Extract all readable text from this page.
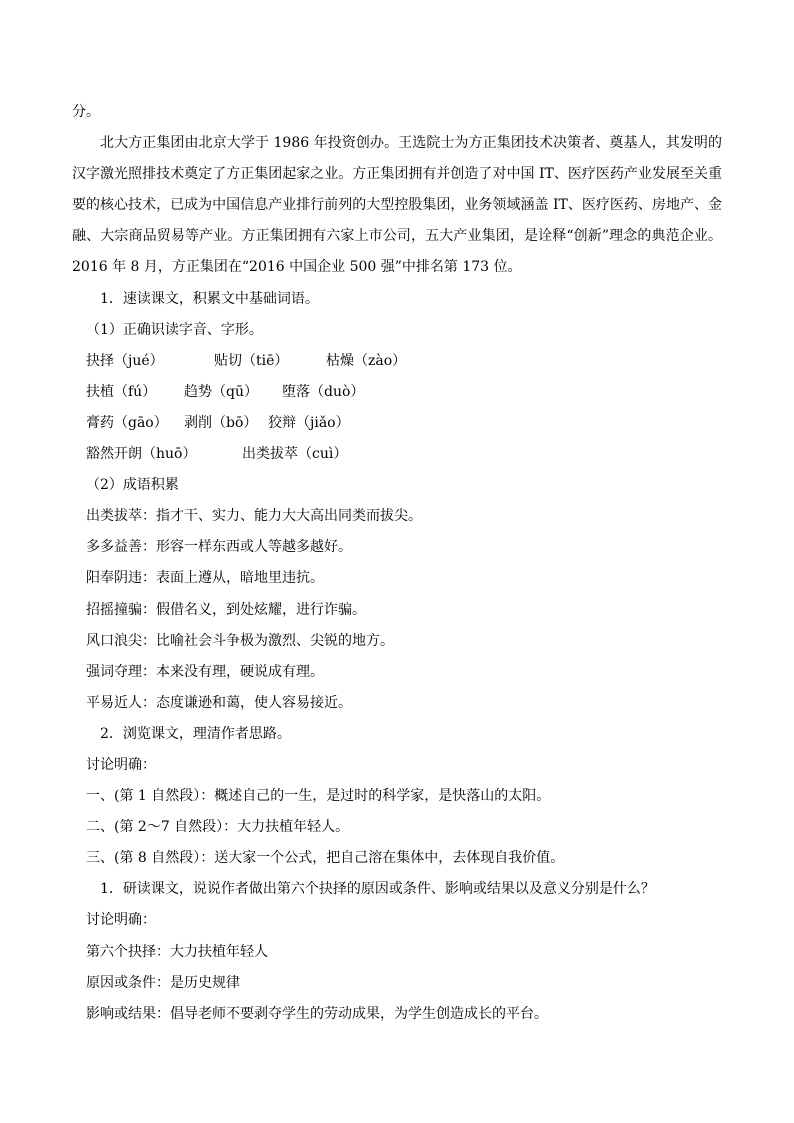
分。
北大方正集团由北京大学于 1986 年投资创办。王选院士为方正集团技术决策者、奠基人，其发明的汉字激光照排技术奠定了方正集团起家之业。方正集团拥有并创造了对中国 IT、医疗医药产业发展至关重要的核心技术，已成为中国信息产业排行前列的大型控股集团，业务领域涵盖 IT、医疗医药、房地产、金融、大宗商品贸易等产业。方正集团拥有六家上市公司，五大产业集团，是诠释“创新”理念的典范企业。2016 年 8 月，方正集团在“2016 中国企业 500 强”中排名第 173 位。
1．速读课文，积累文中基础词语。
（1）正确识读字音、字形。
抉择（jué）	贴切（tiē）	枯燥（zào）
扶植（fú）	趋势（qū）	堕落（duò）
膏药（gāo）	剥削（bō） 狡辩（jiǎo）
豁然开朗（huō）	出类拔萃（cuì）
（2）成语积累
出类拔萃：指才干、实力、能力大大高出同类而拔尖。
多多益善：形容一样东西或人等越多越好。
阳奉阴违：表面上遵从，暗地里违抗。
招摇撞骗：假借名义，到处炫耀，进行诈骗。
风口浪尖：比喻社会斗争极为激烈、尖锐的地方。
强词夺理：本来没有理，硬说成有理。
平易近人：态度谦逊和蔼，使人容易接近。
2．浏览课文，理清作者思路。
讨论明确：
一、(第 1 自然段）：概述自己的一生，是过时的科学家，是快落山的太阳。
二、(第 2～7 自然段）：大力扶植年轻人。
三、(第 8 自然段）：送大家一个公式，把自己溶在集体中，去体现自我价值。
1．研读课文，说说作者做出第六个抉择的原因或条件、影响或结果以及意义分别是什么？
讨论明确：
第六个抉择：大力扶植年轻人
原因或条件：是历史规律
影响或结果：倡导老师不要剥夺学生的劳动成果，为学生创造成长的平台。
